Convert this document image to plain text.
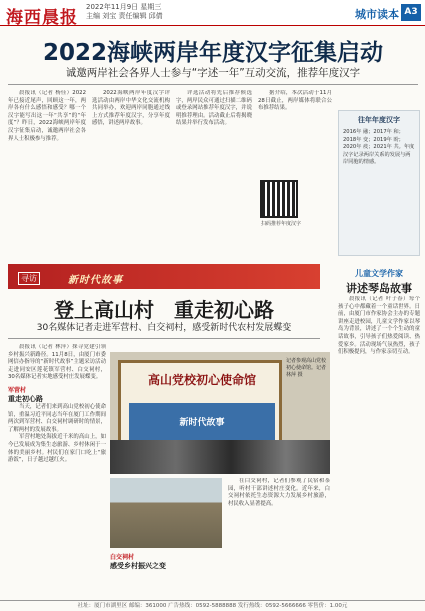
海西晨报
2022年11月9日 星期三
主编 刘宝 责任编辑 邱倩	城市读本 A3
2022海峡两岸年度汉字征集启动
诚邀两岸社会各界人士参与“字述一年”互动交流，推荐年度汉字

晨报讯（记者 杨佳）2022年已接近尾声，回顾这一年，两岸各有什么感悟和感受？哪一个汉字能写出这一年“共享”的“年度”？昨日，2022海峡两岸年度汉字征集启动，诚邀两岸社会各界人士积极参与推荐。

2022海峡两岸年度汉字评选活动由两岸中华文化交流机构共同举办，欢迎两岸同胞通过线上方式推荐年度汉字，分享年度感悟，讲述两岸故事。

评选活动将先后推荐候选字，两岸民众可通过扫描二维码或登录网站推荐年度汉字，并说明推荐理由。活动截止后将揭晓结果并举行发布活动。

据介绍，本次活动于11月28日截止，两岸媒体将联合公布推荐结果。

扫码推荐年度汉字
往年年度汉字
2016年 融；2017年 和；2018年 变；2019年 盼；2020年 疫；2021年 共。年度汉字记录两岸关系的发展与两岸同胞的情感。
寻访	新时代故事
登上高山村　重走初心路
30名媒体记者走进军营村、白交祠村，感受新时代农村发展蝶变

晨报讯（记者 林萍）探寻党建引领乡村振兴新路径。11月8日，由厦门市委网信办指导的“新时代故事”主题采访活动走进同安区莲花镇军营村、白交祠村，30名媒体记者实地感受村庄发展蝶变。

军营村
重走初心路

当天，记者们来到高山党校初心使命馆，重温习近平同志当年在厦门工作期间两次到军营村、白交祠村调研时的情景，了解两村的发展故事。

军营村地处海拔近千米的高山上，如今已发展成为集生态旅游、乡村休闲于一体的美丽乡村。村民们在家门口吃上“旅游饭”，日子越过越红火。

高山党校初心使命馆
新时代故事
记者参观高山党校初心使命馆。记者 林萍 摄
白交祠村
感受乡村振兴之变

在白交祠村，记者们参观了民宿和茶园，听村干部讲述村庄变化。近年来，白交祠村依托生态资源大力发展乡村旅游，村民收入显著提高。

儿童文学作家
讲述琴岛故事

晨报讯（记者 叶子春）每个孩子心中都藏着一个童话世界。日前，由厦门市作家协会主办的专题讲座走进校园，儿童文学作家以琴岛为背景，讲述了一个个生动的童话故事，引导孩子们热爱阅读、热爱家乡。活动现场气氛热烈，孩子们积极提问，与作家亲切互动。

社址：厦门市湖里区 邮编：361000 广告热线：0592-5888888 发行热线：0592-5666666 零售价：1.00元
